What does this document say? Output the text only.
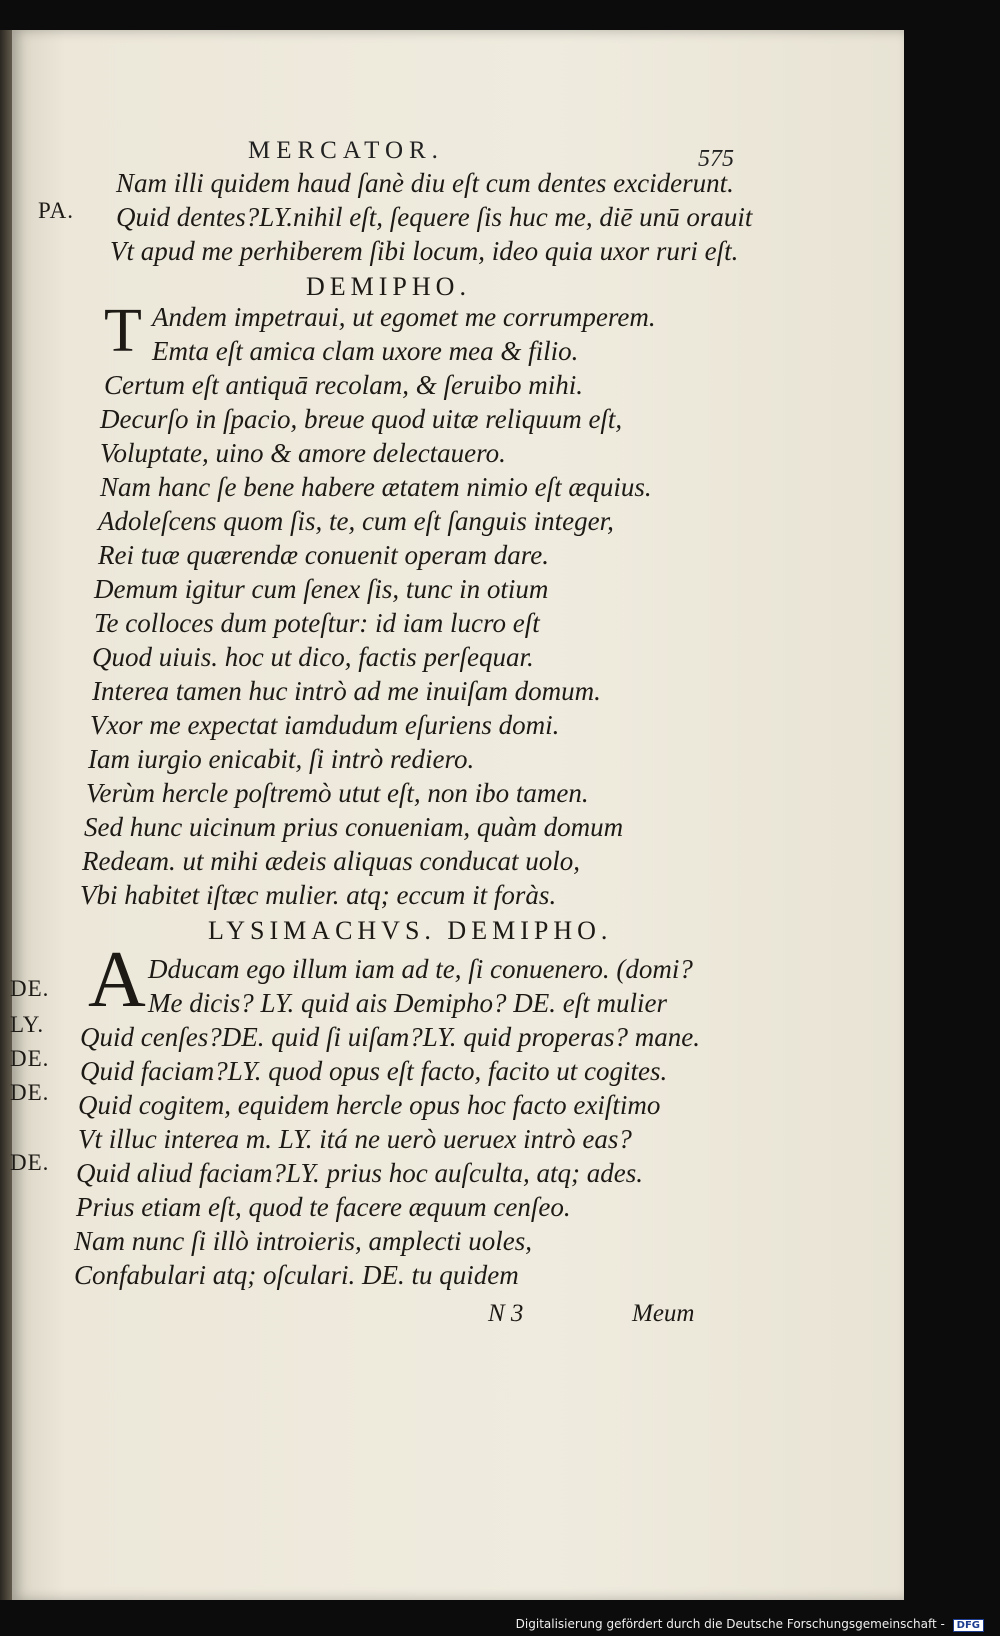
MERCATOR.	575
PA.
Nam illi quidem haud ſanè diu eſt cum dentes exciderunt.
Quid dentes?LY.nihil eſt, ſequere ſis huc me, diē unū orauit
Vt apud me perhiberem ſibi locum, ideo quia uxor ruri eſt.
DEMIPHO.
T Andem impetraui, ut egomet me corrumperem.
Emta eſt amica clam uxore mea & filio.
Certum eſt antiquā recolam, & ſeruibo mihi.
Decurſo in ſpacio, breue quod uitæ reliquum eſt,
Voluptate, uino & amore delectauero.
Nam hanc ſe bene habere ætatem nimio eſt æquius.
Adoleſcens quom ſis, te, cum eſt ſanguis integer,
Rei tuæ quærendæ conuenit operam dare.
Demum igitur cum ſenex ſis, tunc in otium
Te colloces dum poteſtur: id iam lucro eſt
Quod uiuis. hoc ut dico, factis perſequar.
Interea tamen huc intrò ad me inuiſam domum.
Vxor me expectat iamdudum eſuriens domi.
Iam iurgio enicabit, ſi intrò rediero.
Verùm hercle poſtremò utut eſt, non ibo tamen.
Sed hunc uicinum prius conueniam, quàm domum
Redeam. ut mihi ædeis aliquas conducat uolo,
Vbi habitet iſtæc mulier. atq; eccum it foràs.
LYSIMACHVS. DEMIPHO.
A Dducam ego illum iam ad te, ſi conuenero. (domi?
DE.	Me dicis? LY. quid ais Demipho? DE. eſt mulier
LY. Quid cenſes?DE. quid ſi uiſam?LY. quid properas? mane.
DE. Quid faciam?LY. quod opus eſt facto, facito ut cogites.
DE. Quid cogitem, equidem hercle opus hoc facto exiſtimo
Vt illuc interea m. LY. itá ne uerò ueruex intrò eas?
DE. Quid aliud faciam?LY. prius hoc auſculta, atq; ades.
Prius etiam eſt, quod te facere æquum cenſeo.
Nam nunc ſi illò introieris, amplecti uoles,
Confabulari atq; oſculari. DE. tu quidem
N 3	Meum
Digitalisierung gefördert durch die Deutsche Forschungsgemeinschaft - DFG
